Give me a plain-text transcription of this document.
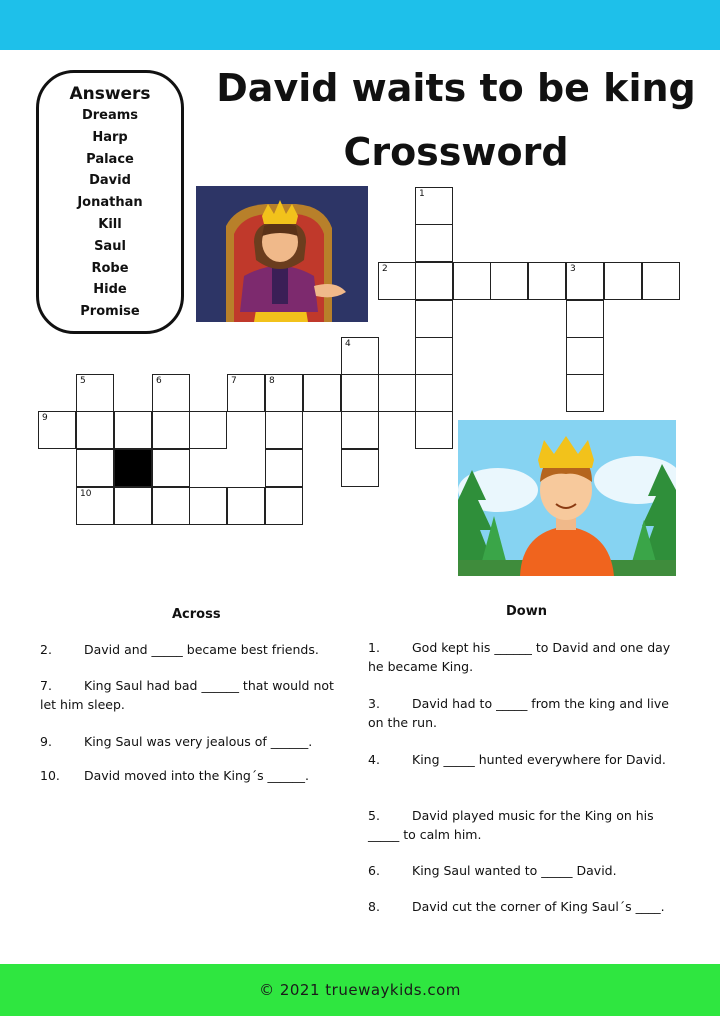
Answers
Dreams
Harp
Palace
David
Jonathan
Kill
Saul
Robe
Hide
Promise
David waits to be king
Crossword
1
2	3
4
5	6	7	8
9
10
Across
2.	David and _____ became best friends.
7.	King Saul had bad ______ that would not let him sleep.
9.	King Saul was very jealous of ______.
10. David moved into the King´s ______.
Down
1.	God kept his ______ to David and one day he became King.
3.	David had to _____ from the king and live on the run.
4.	King _____ hunted everywhere for David.
5.	David played music for the King on his _____ to calm him.
6.	King Saul wanted to _____ David.
8.	David cut the corner of King Saul´s ____.
© 2021 truewaykids.com
